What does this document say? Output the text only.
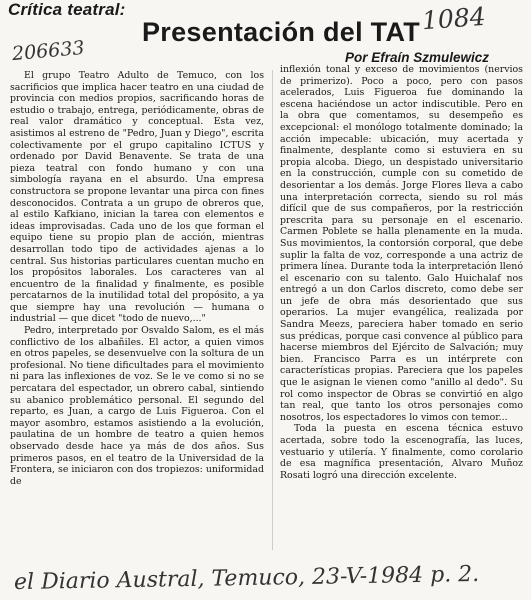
Crítica teatral:
206633
1084
Presentación del TAT
Por Efraín Szmulewicz

El grupo Teatro Adulto de Temuco, con los sacrificios que implica hacer teatro en una ciudad de provincia con medios propios, sacrificando horas de estudio o trabajo, entrega, periódicamente, obras de real valor dramático y conceptual. Esta vez, asistimos al estreno de "Pedro, Juan y Diego", escrita colectivamente por el grupo capitalino ICTUS y ordenado por David Benavente. Se trata de una pieza teatral con fondo humano y con una simbología rayana en el absurdo. Una empresa constructora se propone levantar una pirca con fines desconocidos. Contrata a un grupo de obreros que, al estilo Kafkiano, inician la tarea con elementos e ideas improvisadas. Cada uno de los que forman el equipo tiene su propio plan de acción, mientras desarrollan todo tipo de actividades ajenas a lo central. Sus historias particulares cuentan mucho en los propósitos laborales. Los caracteres van al encuentro de la finalidad y finalmente, es posible percatarnos de la inutilidad total del propósito, a ya que siempre hay una revolución — humana o industrial — que dicet "todo de nuevo,..."

Pedro, interpretado por Osvaldo Salom, es el más conflictivo de los albañiles. El actor, a quien vimos en otros papeles, se desenvuelve con la soltura de un profesional. No tiene dificultades para el movimiento ni para las inflexiones de voz. Se le ve como si no se percatara del espectador, un obrero cabal, sintiendo su abanico problemático personal. El segundo del reparto, es Juan, a cargo de Luis Figueroa. Con el mayor asombro, estamos asistiendo a la evolución, paulatina de un hombre de teatro a quien hemos observado desde hace ya más de dos años. Sus primeros pasos, en el teatro de la Universidad de la Frontera, se iniciaron con dos tropiezos: uniformidad de

inflexión tonal y exceso de movimientos (nervios de primerizo). Poco a poco, pero con pasos acelerados, Luis Figueroa fue dominando la escena haciéndose un actor indiscutible. Pero en la obra que comentamos, su desempeño es excepcional: el monólogo totalmente dominado; la acción impecable: ubicación, muy acertada y finalmente, desplante como si estuviera en su propia alcoba. Diego, un despistado universitario en la construcción, cumple con su cometido de desorientar a los demás. Jorge Flores lleva a cabo una interpretación correcta, siendo su rol más difícil que de sus compañeros, por la restricción prescrita para su personaje en el escenario. Carmen Poblete se halla plenamente en la muda. Sus movimientos, la contorsión corporal, que debe suplir la falta de voz, corresponde a una actriz de primera línea. Durante toda la interpretación llenó el escenario con su talento. Galo Huichalaf nos entregó a un don Carlos discreto, como debe ser un jefe de obra más desorientado que sus operarios. La mujer evangélica, realizada por Sandra Meezs, pareciera haber tomado en serio sus prédicas, porque casi convence al público para hacerse miembros del Ejército de Salvación; muy bien. Francisco Parra es un intérprete con características propias. Pareciera que los papeles que le asignan le vienen como "anillo al dedo". Su rol como inspector de Obras se convirtió en algo tan real, que tanto los otros personajes como nosotros, los espectadores lo vimos con temor...

Toda la puesta en escena técnica estuvo acertada, sobre todo la escenografía, las luces, vestuario y utilería. Y finalmente, como corolario de esa magnífica presentación, Alvaro Muñoz Rosati logró una dirección excelente.

el Diario Austral, Temuco, 23-V-1984 p. 2.
